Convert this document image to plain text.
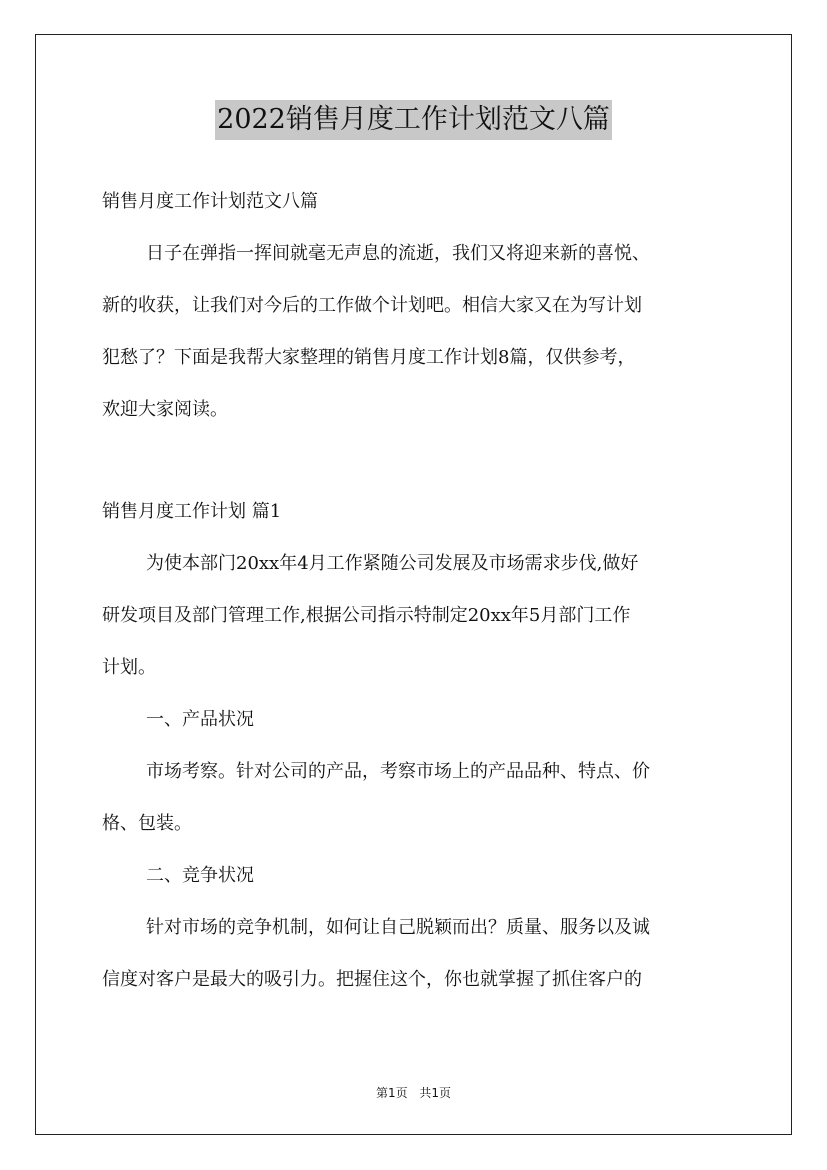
2022销售月度工作计划范文八篇
销售月度工作计划范文八篇
日子在弹指一挥间就毫无声息的流逝，我们又将迎来新的喜悦、
新的收获，让我们对今后的工作做个计划吧。相信大家又在为写计划
犯愁了？下面是我帮大家整理的销售月度工作计划8篇，仅供参考，
欢迎大家阅读。
销售月度工作计划 篇1
为使本部门20xx年4月工作紧随公司发展及市场需求步伐,做好
研发项目及部门管理工作,根据公司指示特制定20xx年5月部门工作
计划。
一、产品状况
市场考察。针对公司的产品，考察市场上的产品品种、特点、价
格、包装。
二、竞争状况
针对市场的竞争机制，如何让自己脱颖而出？质量、服务以及诚
信度对客户是最大的吸引力。把握住这个，你也就掌握了抓住客户的
第1页 共1页
